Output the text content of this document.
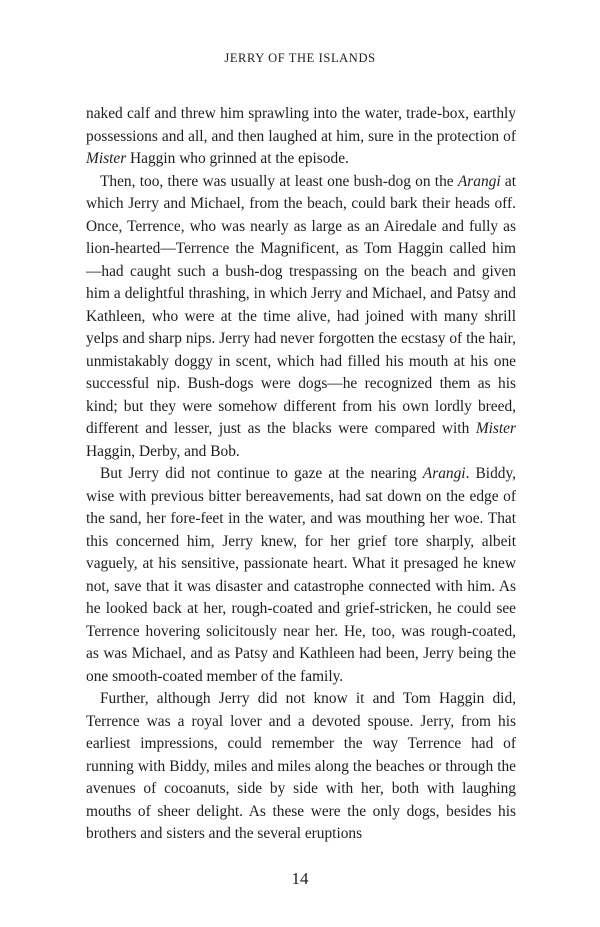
JERRY OF THE ISLANDS

naked calf and threw him sprawling into the water, trade-box, earthly possessions and all, and then laughed at him, sure in the protection of Mister Haggin who grinned at the episode.

Then, too, there was usually at least one bush-dog on the Arangi at which Jerry and Michael, from the beach, could bark their heads off. Once, Terrence, who was nearly as large as an Airedale and fully as lion-hearted—Terrence the Magnificent, as Tom Haggin called him—had caught such a bush-dog trespassing on the beach and given him a delightful thrashing, in which Jerry and Michael, and Patsy and Kathleen, who were at the time alive, had joined with many shrill yelps and sharp nips. Jerry had never forgotten the ecstasy of the hair, unmistakably doggy in scent, which had filled his mouth at his one successful nip. Bush-dogs were dogs—he recognized them as his kind; but they were somehow different from his own lordly breed, different and lesser, just as the blacks were compared with Mister Haggin, Derby, and Bob.

But Jerry did not continue to gaze at the nearing Arangi. Biddy, wise with previous bitter bereavements, had sat down on the edge of the sand, her fore-feet in the water, and was mouthing her woe. That this concerned him, Jerry knew, for her grief tore sharply, albeit vaguely, at his sensitive, passionate heart. What it presaged he knew not, save that it was disaster and catastrophe connected with him. As he looked back at her, rough-coated and grief-stricken, he could see Terrence hovering solicitously near her. He, too, was rough-coated, as was Michael, and as Patsy and Kathleen had been, Jerry being the one smooth-coated member of the family.

Further, although Jerry did not know it and Tom Haggin did, Terrence was a royal lover and a devoted spouse. Jerry, from his earliest impressions, could remember the way Terrence had of running with Biddy, miles and miles along the beaches or through the avenues of cocoanuts, side by side with her, both with laughing mouths of sheer delight. As these were the only dogs, besides his brothers and sisters and the several eruptions

14
